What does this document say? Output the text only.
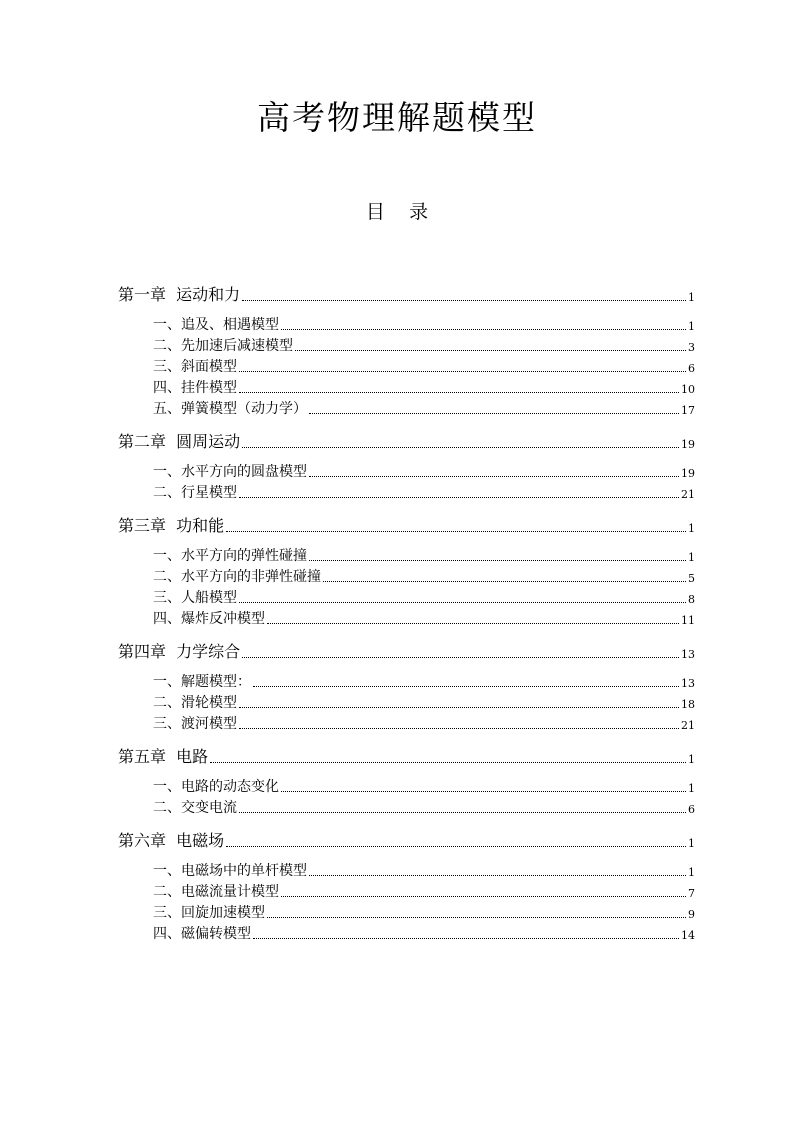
高考物理解题模型
目    录
第一章  运动和力	1
一、追及、相遇模型	1
二、先加速后减速模型	3
三、斜面模型	6
四、挂件模型	10
五、弹簧模型（动力学）	17
第二章  圆周运动	19
一、水平方向的圆盘模型	19
二、行星模型	21
第三章  功和能	1
一、水平方向的弹性碰撞	1
二、水平方向的非弹性碰撞	5
三、人船模型	8
四、爆炸反冲模型	11
第四章  力学综合	13
一、解题模型：	13
二、滑轮模型	18
三、渡河模型	21
第五章  电路	1
一、电路的动态变化	1
二、交变电流	6
第六章  电磁场	1
一、电磁场中的单杆模型	1
二、电磁流量计模型	7
三、回旋加速模型	9
四、磁偏转模型	14
